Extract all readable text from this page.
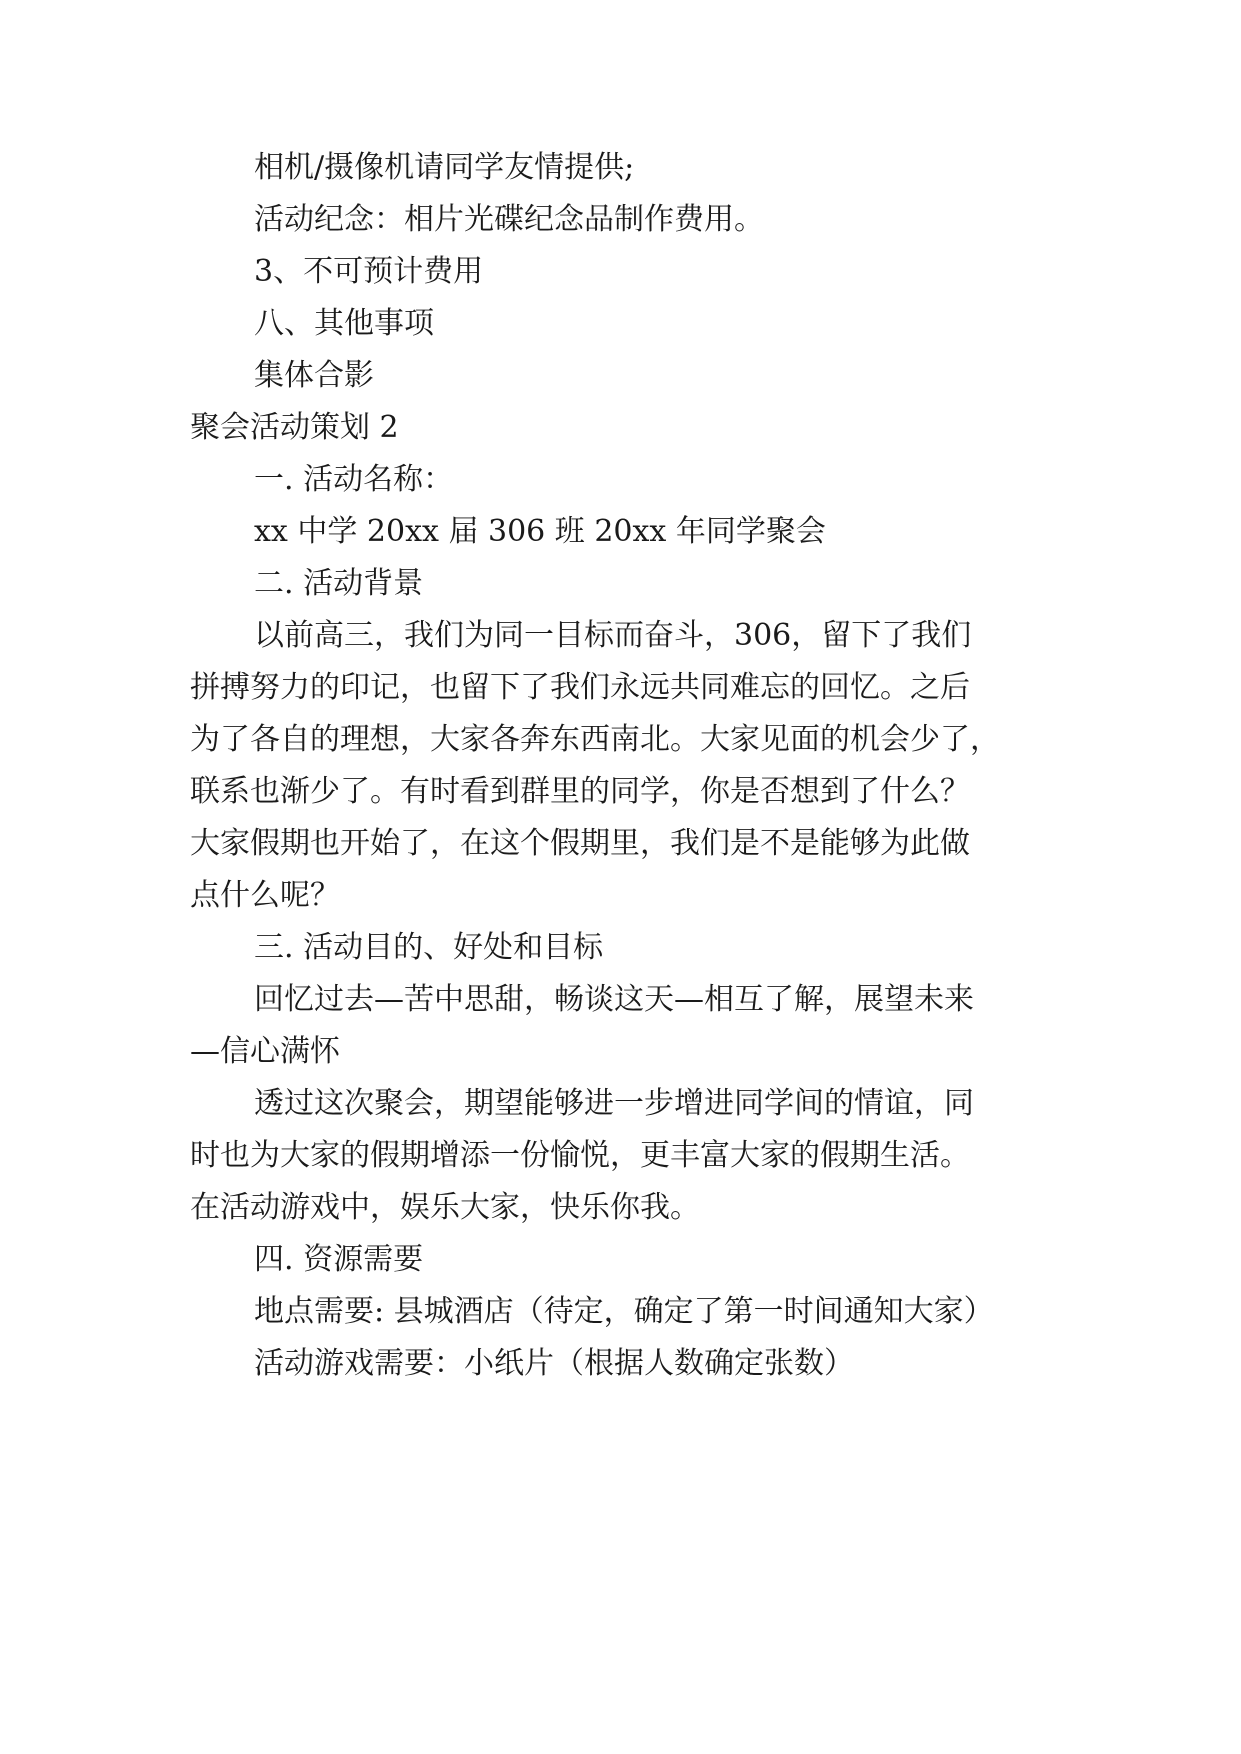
相机/摄像机请同学友情提供;

活动纪念：相片光碟纪念品制作费用。

3、不可预计费用

八、其他事项

集体合影

聚会活动策划 2

一. 活动名称：

xx 中学 20xx 届 306 班 20xx 年同学聚会

二. 活动背景

以前高三，我们为同一目标而奋斗，306，留下了我们

拼搏努力的印记，也留下了我们永远共同难忘的回忆。之后

为了各自的理想，大家各奔东西南北。大家见面的机会少了，

联系也渐少了。有时看到群里的同学，你是否想到了什么？

大家假期也开始了，在这个假期里，我们是不是能够为此做

点什么呢？

三. 活动目的、好处和目标

回忆过去—苦中思甜，畅谈这天—相互了解，展望未来

—信心满怀

透过这次聚会，期望能够进一步增进同学间的情谊，同

时也为大家的假期增添一份愉悦，更丰富大家的假期生活。

在活动游戏中，娱乐大家，快乐你我。

四. 资源需要

地点需要: 县城酒店（待定，确定了第一时间通知大家）

活动游戏需要：小纸片（根据人数确定张数）
